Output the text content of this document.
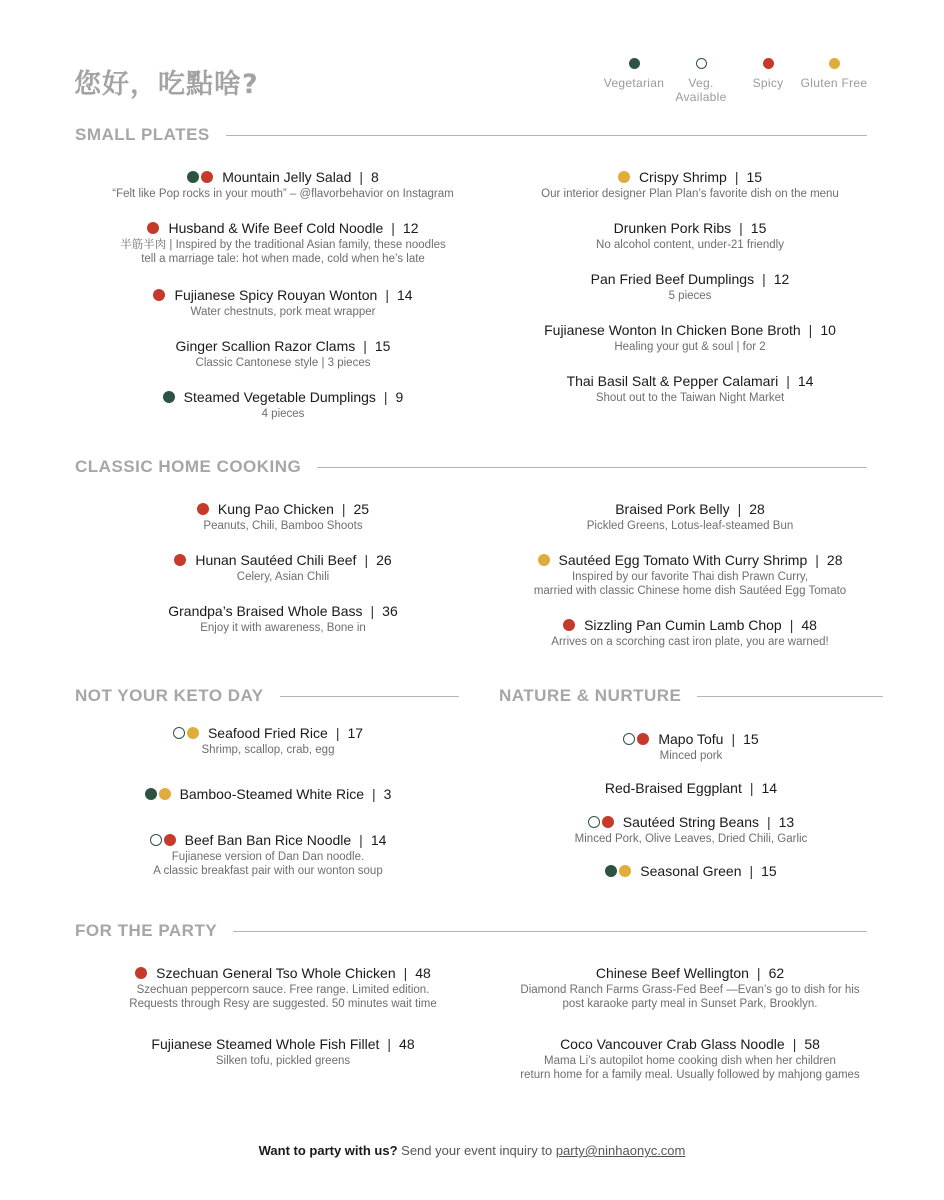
您好，吃點啥?	Vegetarian	Veg.
Available
Spicy Gluten Free
SMALL PLATES
CLASSIC HOME COOKING
NOT YOUR KETO DAY	NATURE & NURTURE
FOR THE PARTY
Mountain Jelly Salad | 8
“Felt like Pop rocks in your mouth” – @flavorbehavior on Instagram
Husband & Wife Beef Cold Noodle | 12
半筋半肉 | Inspired by the traditional Asian family, these noodles
tell a marriage tale: hot when made, cold when he’s late
Fujianese Spicy Rouyan Wonton | 14
Water chestnuts, pork meat wrapper
Ginger Scallion Razor Clams | 15
Classic Cantonese style | 3 pieces
Steamed Vegetable Dumplings | 9
4 pieces
Crispy Shrimp | 15
Our interior designer Plan Plan’s favorite dish on the menu
Drunken Pork Ribs | 15
No alcohol content, under-21 friendly
Pan Fried Beef Dumplings | 12
5 pieces
Fujianese Wonton In Chicken Bone Broth | 10
Healing your gut & soul | for 2
Thai Basil Salt & Pepper Calamari | 14
Shout out to the Taiwan Night Market
Kung Pao Chicken | 25
Peanuts, Chili, Bamboo Shoots
Hunan Sautéed Chili Beef | 26
Celery, Asian Chili
Grandpa’s Braised Whole Bass | 36
Enjoy it with awareness, Bone in
Braised Pork Belly | 28
Pickled Greens, Lotus-leaf-steamed Bun
Sautéed Egg Tomato With Curry Shrimp | 28
Inspired by our favorite Thai dish Prawn Curry,
married with classic Chinese home dish Sautéed Egg Tomato
Sizzling Pan Cumin Lamb Chop | 48
Arrives on a scorching cast iron plate, you are warned!
Seafood Fried Rice | 17
Shrimp, scallop, crab, egg
Bamboo-Steamed White Rice | 3
Beef Ban Ban Rice Noodle | 14
Fujianese version of Dan Dan noodle.
A classic breakfast pair with our wonton soup
Mapo Tofu | 15
Minced pork
Red-Braised Eggplant | 14
Sautéed String Beans | 13
Minced Pork, Olive Leaves, Dried Chili, Garlic
Seasonal Green | 15
Szechuan General Tso Whole Chicken | 48
Szechuan peppercorn sauce. Free range. Limited edition.
Requests through Resy are suggested. 50 minutes wait time
Fujianese Steamed Whole Fish Fillet | 48
Silken tofu, pickled greens
Chinese Beef Wellington | 62
Diamond Ranch Farms Grass-Fed Beef —Evan’s go to dish for his
post karaoke party meal in Sunset Park, Brooklyn.
Coco Vancouver Crab Glass Noodle | 58
Mama Li’s autopilot home cooking dish when her children
return home for a family meal. Usually followed by mahjong games
Want to party with us? Send your event inquiry to party@ninhaonyc.com
